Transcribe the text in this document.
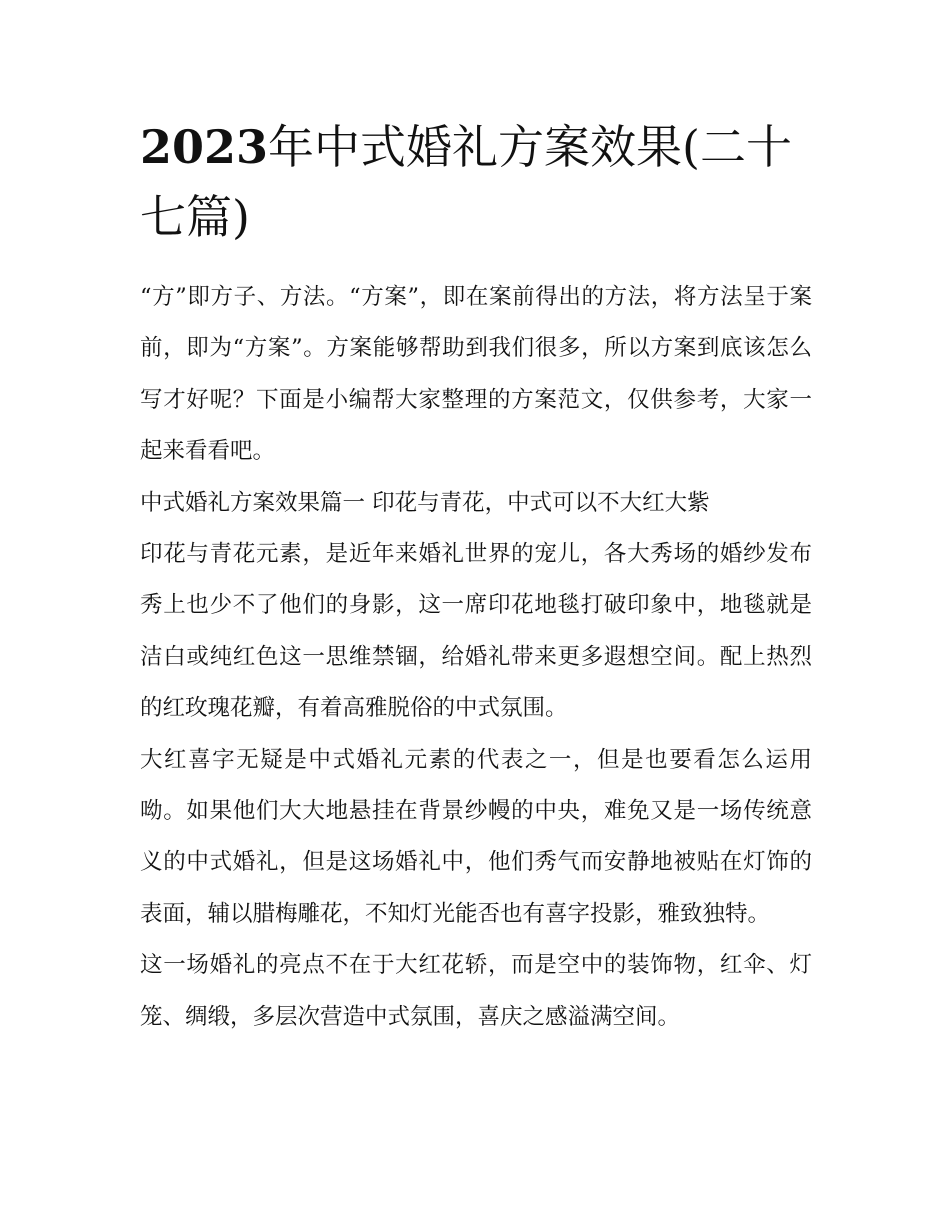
2023年中式婚礼方案效果(二十七篇)

“方”即方子、方法。“方案”，即在案前得出的方法，将方法呈于案前，即为“方案”。方案能够帮助到我们很多，所以方案到底该怎么写才好呢？下面是小编帮大家整理的方案范文，仅供参考，大家一起来看看吧。

中式婚礼方案效果篇一 印花与青花，中式可以不大红大紫

印花与青花元素，是近年来婚礼世界的宠儿，各大秀场的婚纱发布秀上也少不了他们的身影，这一席印花地毯打破印象中，地毯就是洁白或纯红色这一思维禁锢，给婚礼带来更多遐想空间。配上热烈的红玫瑰花瓣，有着高雅脱俗的中式氛围。

大红喜字无疑是中式婚礼元素的代表之一，但是也要看怎么运用呦。如果他们大大地悬挂在背景纱幔的中央，难免又是一场传统意义的中式婚礼，但是这场婚礼中，他们秀气而安静地被贴在灯饰的表面，辅以腊梅雕花，不知灯光能否也有喜字投影，雅致独特。

这一场婚礼的亮点不在于大红花轿，而是空中的装饰物，红伞、灯笼、绸缎，多层次营造中式氛围，喜庆之感溢满空间。
